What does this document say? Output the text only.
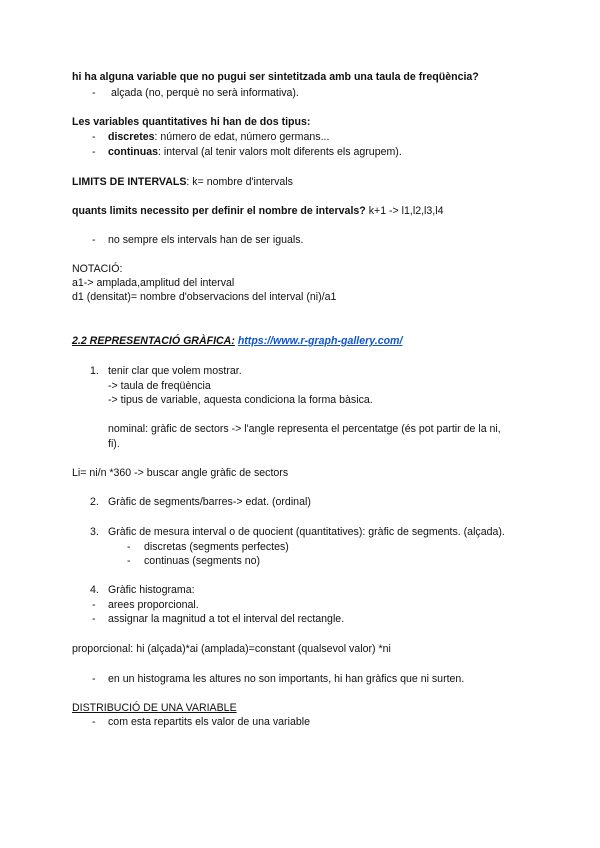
hi ha alguna variable que no pugui ser sintetitzada amb una taula de freqüència?
- alçada (no, perquè no serà informativa).
Les variables quantitatives hi han de dos tipus:
- discretes: número de edat, número germans...
- continuas: interval (al tenir valors molt diferents els agrupem).
LIMITS DE INTERVALS: k= nombre d'intervals
quants limits necessito per definir el nombre de intervals? k+1 -> l1,l2,l3,l4
- no sempre els intervals han de ser iguals.
NOTACIÓ:
a1-> amplada,amplitud del interval
d1 (densitat)= nombre d'observacions del interval (ni)/a1
2.2 REPRESENTACIÓ GRÀFICA: https://www.r-graph-gallery.com/
1. tenir clar que volem mostrar.
-> taula de freqüència
-> tipus de variable, aquesta condiciona la forma bàsica.
nominal: gràfic de sectors -> l'angle representa el percentatge (és pot partir de la ni,
fi).
Li= ni/n *360 -> buscar angle gràfic de sectors
2. Gràfic de segments/barres-> edat. (ordinal)
3. Gràfic de mesura interval o de quocient (quantitatives): gràfic de segments. (alçada).
- discretas (segments perfectes)
- continuas (segments no)
4. Gràfic histograma:
- arees proporcional.
- assignar la magnitud a tot el interval del rectangle.
proporcional: hi (alçada)*ai (amplada)=constant (qualsevol valor) *ni
- en un histograma les altures no son importants, hi han gràfics que ni surten.
DISTRIBUCIÓ DE UNA VARIABLE
- com esta repartits els valor de una variable
